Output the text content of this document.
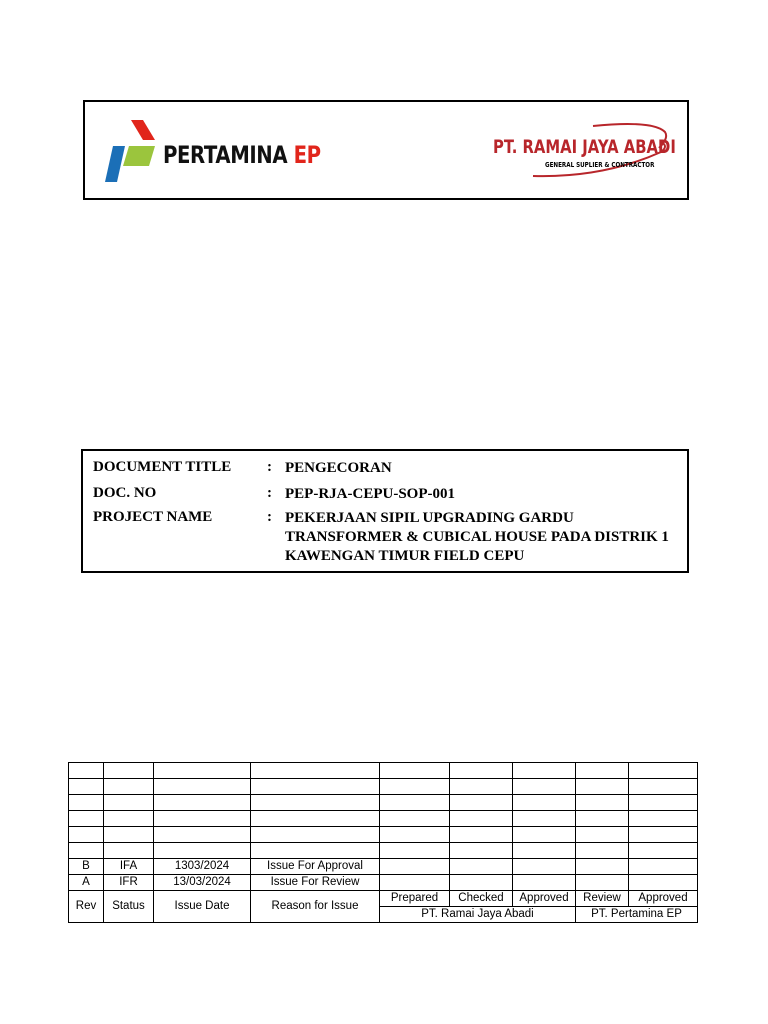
PERTAMINA EP	PT. RAMAI JAYA ABADI
GENERAL SUPLIER & CONTRACTOR
DOCUMENT TITLE	: PENGECORAN
DOC. NO	: PEP-RJA-CEPU-SOP-001
PROJECT NAME	: PEKERJAAN SIPIL UPGRADING GARDU
TRANSFORMER & CUBICAL HOUSE PADA DISTRIK 1
KAWENGAN TIMUR FIELD CEPU

B	IFA	1303/2024	Issue For Approval					
A	IFR	13/03/2024	Issue For Review					
Rev	Status	Issue Date	Reason for Issue	Prepared	Checked	Approved	Review	Approved
				PT. Ramai Jaya Abadi			PT. Pertamina EP	
